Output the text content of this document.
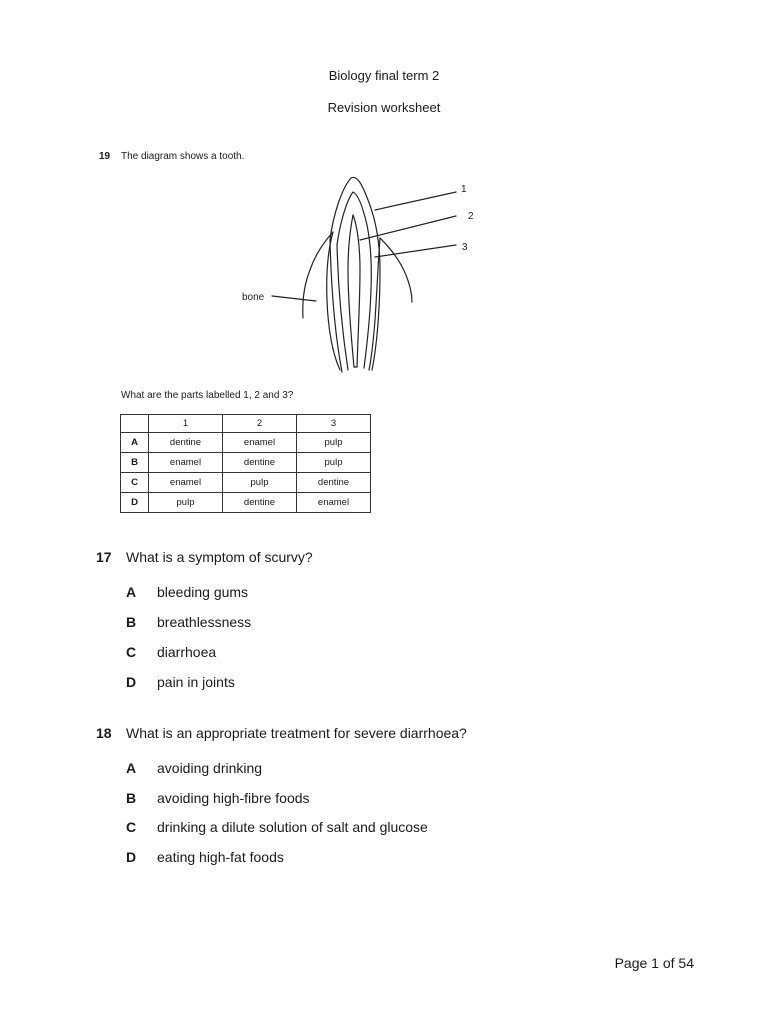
Biology final term 2
Revision worksheet
19 The diagram shows a tooth.
1
2
3
bone
What are the parts labelled 1, 2 and 3?
	1	2	3
A	dentine	enamel	pulp
B	enamel	dentine	pulp
C	enamel	pulp	dentine
D	pulp	dentine	enamel
17 What is a symptom of scurvy?
A bleeding gums
B breathlessness
C diarrhoea
D pain in joints
18 What is an appropriate treatment for severe diarrhoea?
A avoiding drinking
B avoiding high-fibre foods
C drinking a dilute solution of salt and glucose
D eating high-fat foods
Page 1 of 54
